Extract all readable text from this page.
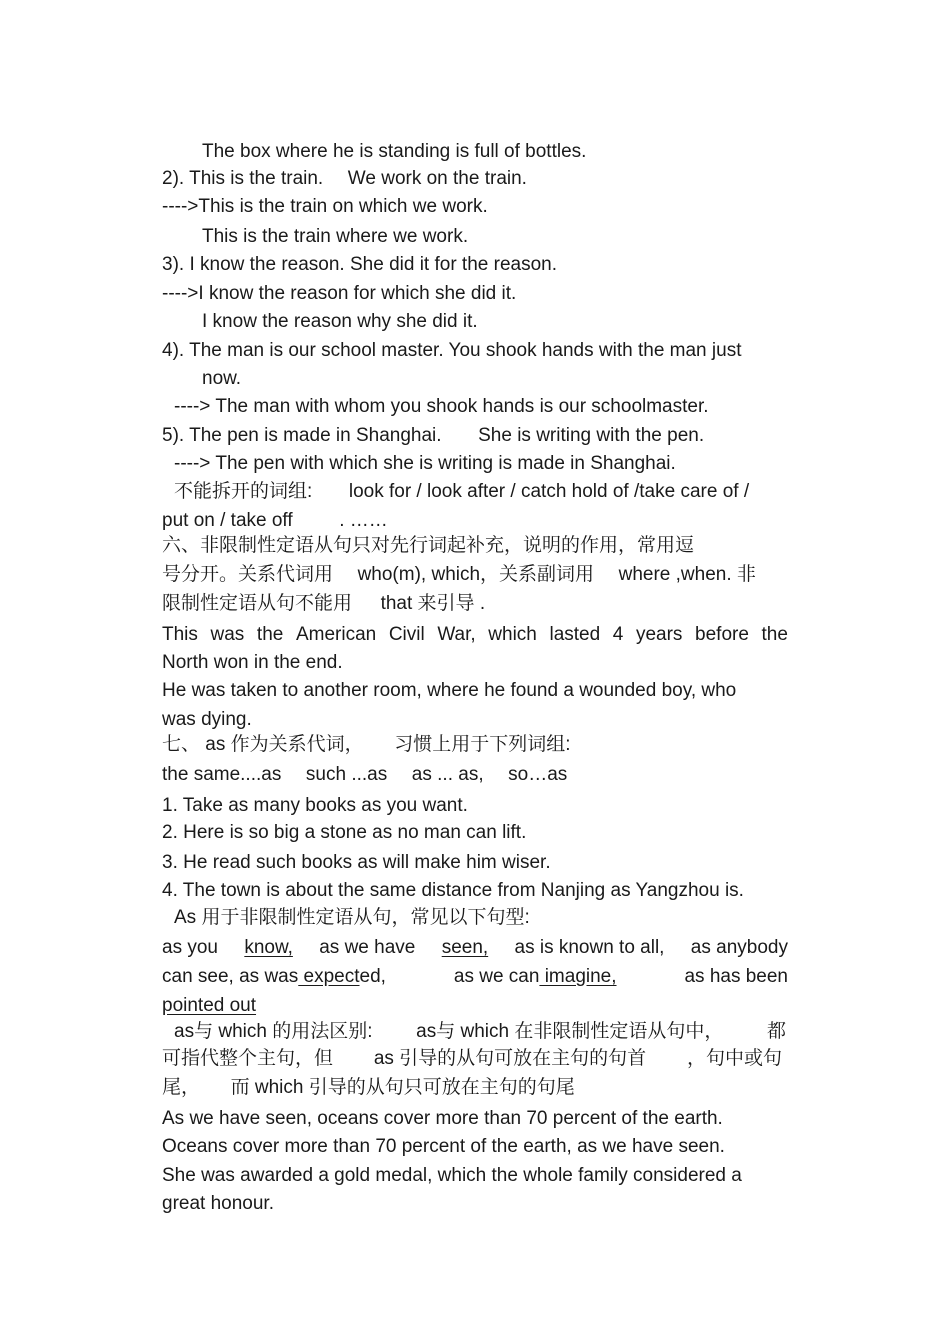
The box where he is standing is full of bottles.
2). This is the train. We work on the train.
---->This is the train on which we work.
This is the train where we work.
3). I know the reason. She did it for the reason.
---->I know the reason for which she did it.
I know the reason why she did it.
4). The man is our school master. You shook hands with the man just
now.
----> The man with whom you shook hands is our schoolmaster.
5). The pen is made in Shanghai. She is writing with the pen.
----> The pen with which she is writing is made in Shanghai.
不能拆开的词组: look for / look after / catch hold of /take care of /
put on / take off . ……
六、非限制性定语从句只对先行词起补充，说明的作用，常用逗
号分开。关系代词用 who(m), which，关系副词用 where ,when. 非
限制性定语从句不能用 that 来引导 .
This was the American Civil War, which lasted 4 years before the
North won in the end.
He was taken to another room, where he found a wounded boy, who
was dying.
七、 as 作为关系代词， 习惯上用于下列词组:
the same....as such ...as as ... as, so…as
1. Take as many books as you want.
2. Here is so big a stone as no man can lift.
3. He read such books as will make him wiser.
4. The town is about the same distance from Nanjing as Yangzhou is.
As 用于非限制性定语从句，常见以下句型:
as you know, as we have seen, as is known to all, as anybody
can see, as was expected,	as we can imagine,	as has been
pointed out
as与 which 的用法区别: as与 which 在非限制性定语从句中， 都
可指代整个主句，但 as 引导的从句可放在主句的句首 ，句中或句
尾， 而 which 引导的从句只可放在主句的句尾
As we have seen, oceans cover more than 70 percent of the earth.
Oceans cover more than 70 percent of the earth, as we have seen.
She was awarded a gold medal, which the whole family considered a
great honour.
